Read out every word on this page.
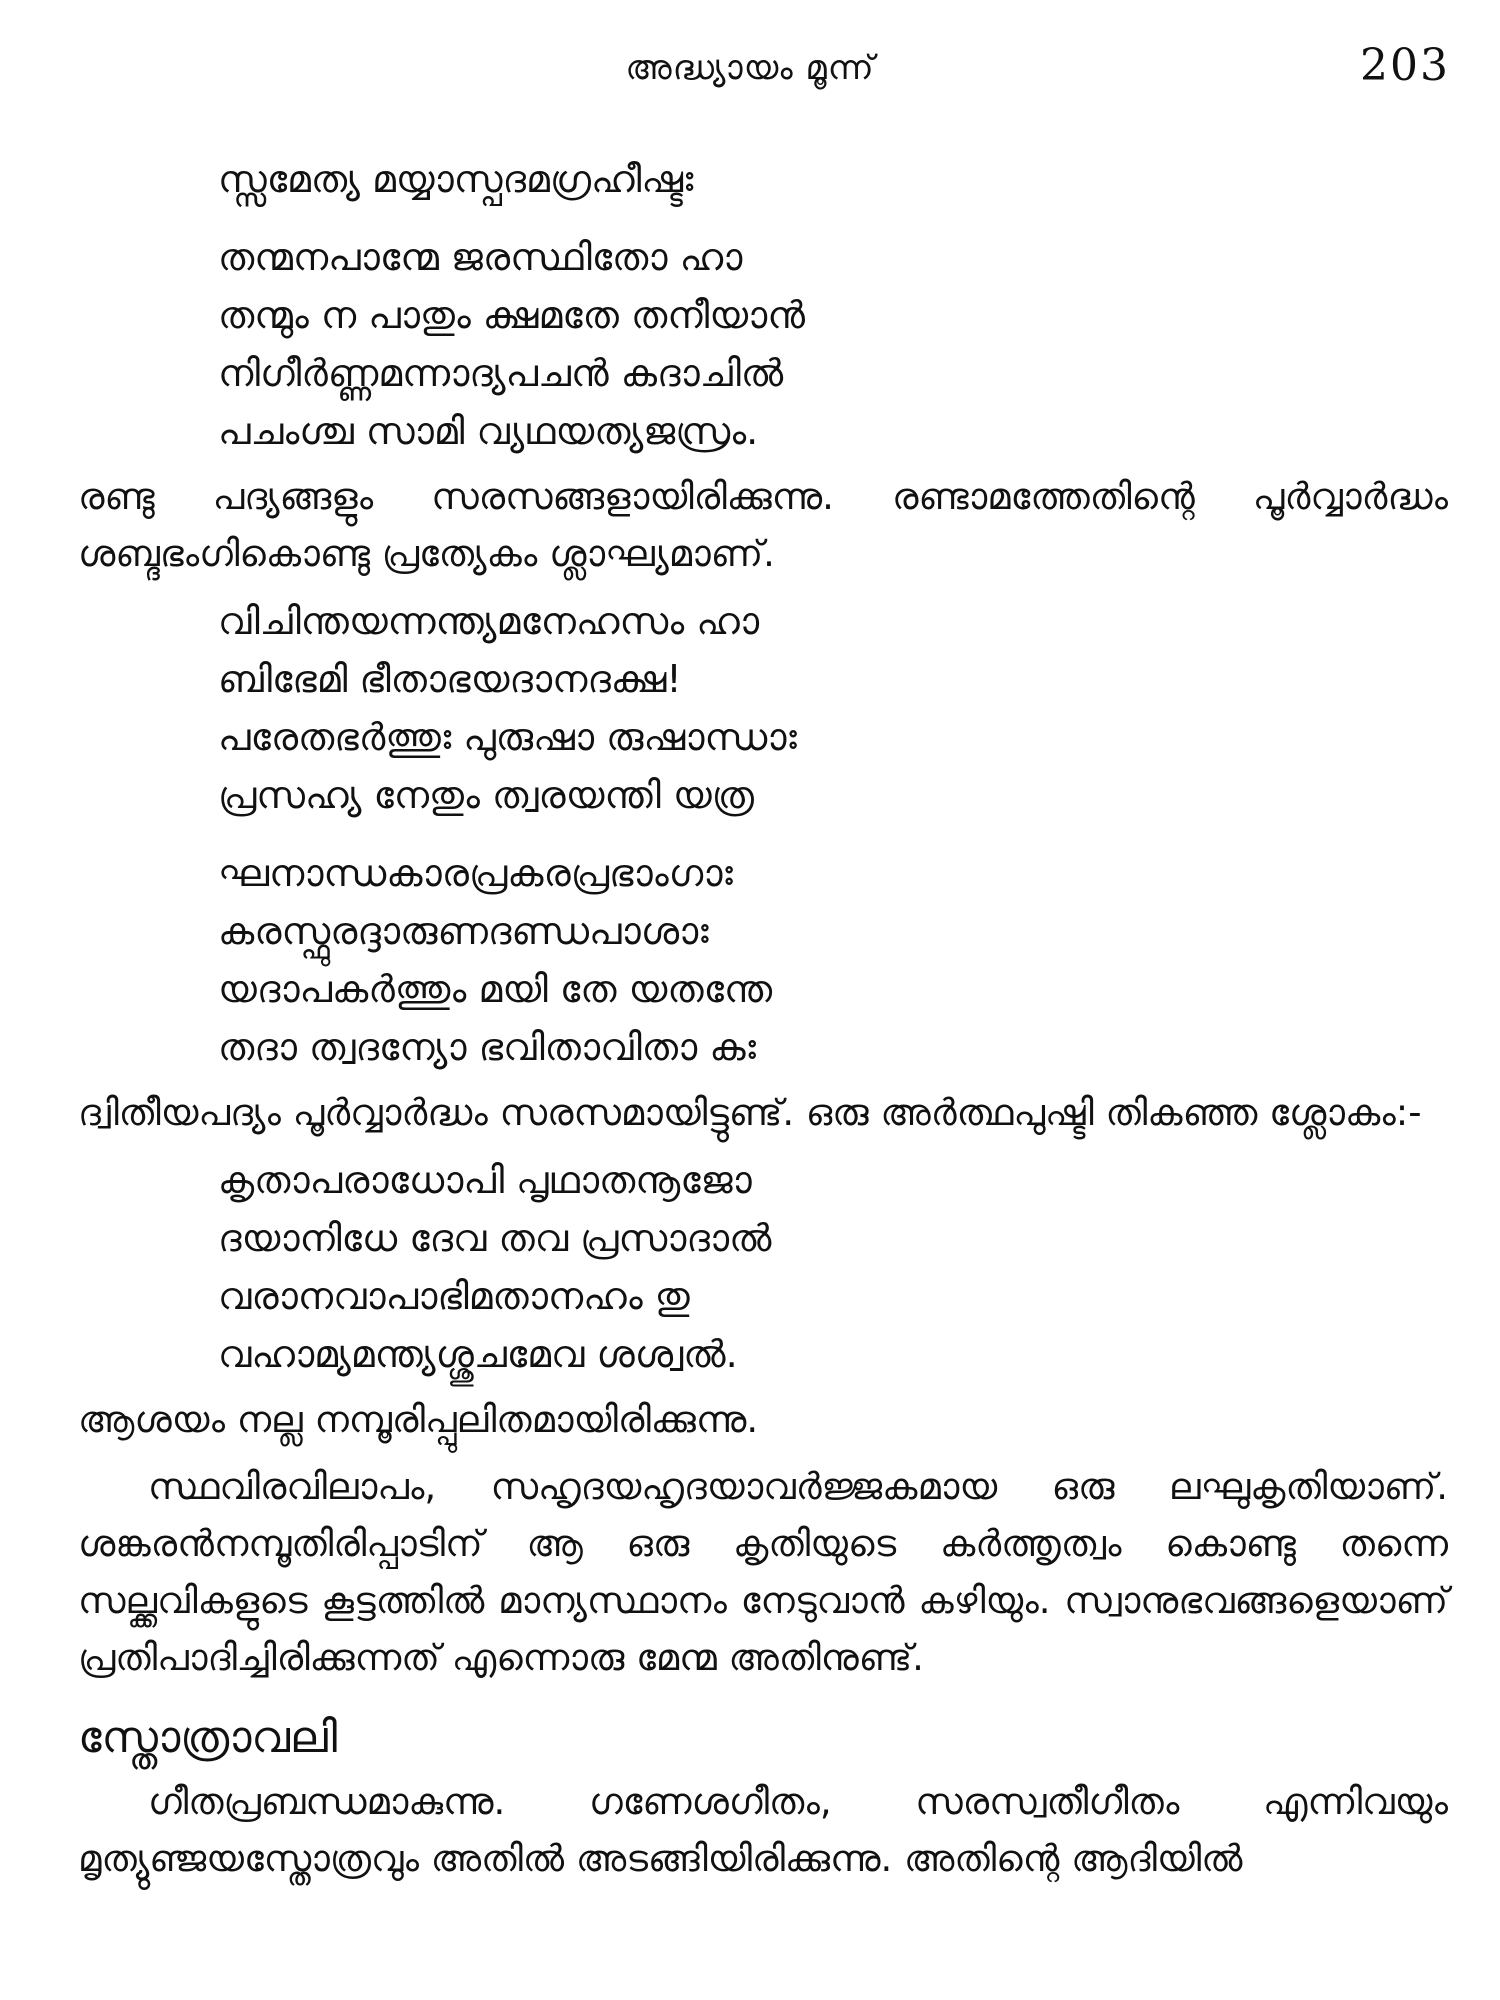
അദ്ധ്യായം മൂന്ന്	203
സ്സമേത്യ മയ്യാസ്പദമഗ്രഹീഷ്ടഃ
തന്മനപാന്മേ ജരസ്ഥിതോ ഹാ
തന്മും ന പാതും ക്ഷമതേ തനീയാൻ
നിഗീർണ്ണമന്നാദ്യപചൻ കദാചിൽ
പചംശ്ച സാമി വ്യഥയത്യജസ്രം.

രണ്ടു പദ്യങ്ങളും സരസങ്ങളായിരിക്കുന്നു. രണ്ടാമത്തേതിന്റെ പൂർവ്വാർദ്ധം ശബ്ദഭംഗികൊണ്ടു പ്രത്യേകം ശ്ലാഘ്യമാണ്.

വിചിന്തയന്നന്ത്യമനേഹസം ഹാ
ബിഭേമി ഭീതാഭയദാനദക്ഷ!
പരേതഭർത്തുഃ പുരുഷാ രുഷാന്ധാഃ
പ്രസഹ്യ നേതും ത്വരയന്തി യത്ര
ഘനാന്ധകാരപ്രകരപ്രഭാംഗാഃ
കരസ്ഫുരദ്ദാരുണദണ്ഡപാശാഃ
യദാപകർത്തും മയി തേ യതന്തേ
തദാ ത്വദന്യോ ഭവിതാവിതാ കഃ

ദ്വിതീയപദ്യം പൂർവ്വാർദ്ധം സരസമായിട്ടുണ്ട്. ഒരു അർത്ഥപുഷ്ടി തികഞ്ഞ ശ്ലോകം:-

കൃതാപരാധോപി പൃഥാതനൂജോ
ദയാനിധേ ദേവ തവ പ്രസാദാൽ
വരാനവാപാഭിമതാനഹം തു
വഹാമ്യമന്ത്യശ്ശുചമേവ ശശ്വൽ.

ആശയം നല്ല നമ്പൂരിപ്പുലിതമായിരിക്കുന്നു.

സ്ഥവിരവിലാപം, സഹൃദയഹൃദയാവർജ്ജകമായ ഒരു ലഘുകൃതിയാണ്. ശങ്കരൻനമ്പൂതിരിപ്പാടിന് ആ ഒരു കൃതിയുടെ കർത്തൃത്വം കൊണ്ടു തന്നെ സല്ക്കവികളുടെ കൂട്ടത്തിൽ മാന്യസ്ഥാനം നേടുവാൻ കഴിയും. സ്വാനുഭവങ്ങളെയാണ് പ്രതിപാദിച്ചിരിക്കുന്നത് എന്നൊരു മേന്മ അതിനുണ്ട്.

സ്തോത്രാവലി

ഗീതപ്രബന്ധമാകുന്നു. ഗണേശഗീതം, സരസ്വതീഗീതം എന്നിവയും മൃത്യുഞ്ജയസ്തോത്രവും അതിൽ അടങ്ങിയിരിക്കുന്നു. അതിന്റെ ആദിയിൽ
